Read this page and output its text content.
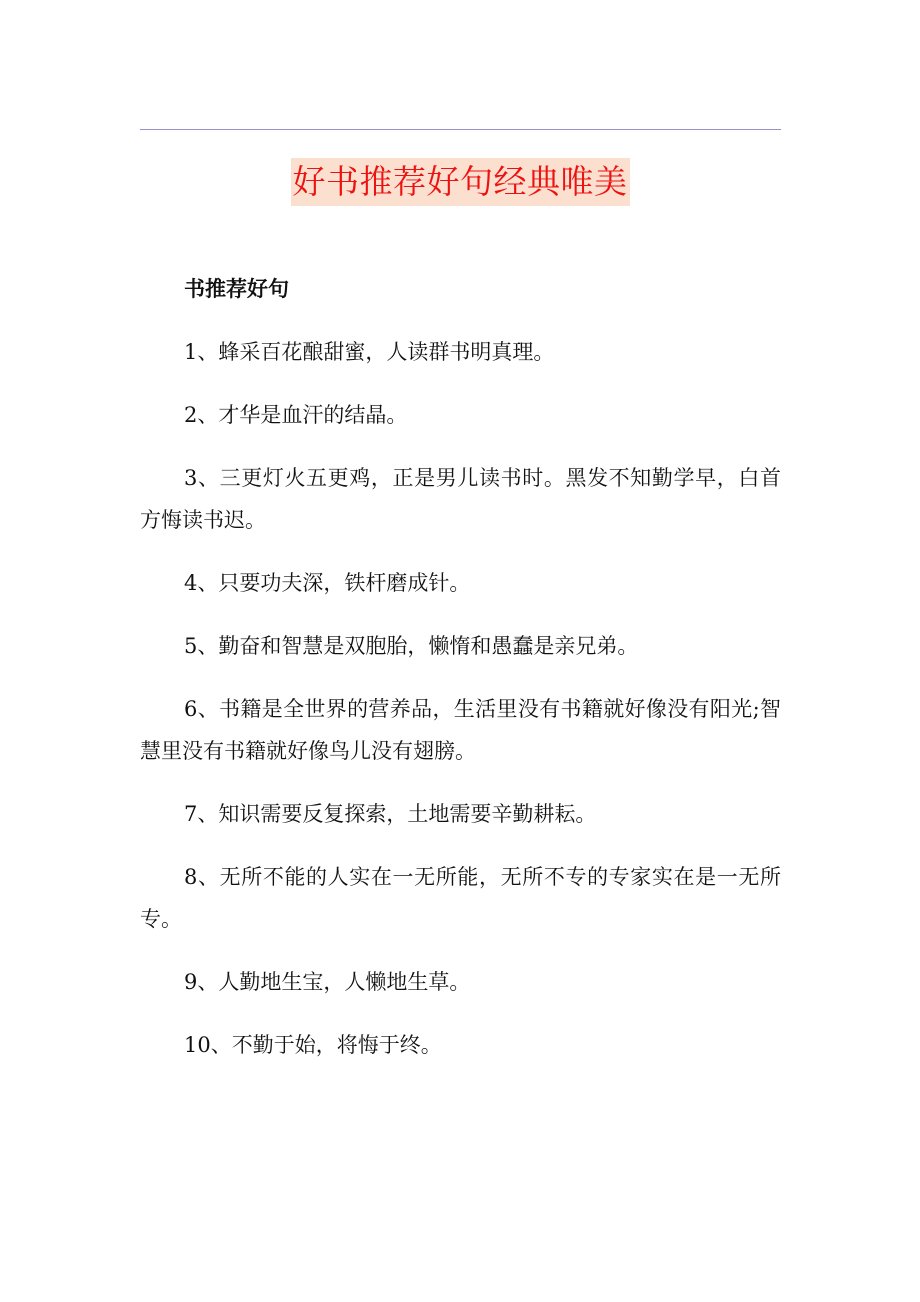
好书推荐好句经典唯美

书推荐好句

1、蜂采百花酿甜蜜，人读群书明真理。

2、才华是血汗的结晶。

3、三更灯火五更鸡，正是男儿读书时。黑发不知勤学早，白首方悔读书迟。

4、只要功夫深，铁杆磨成针。

5、勤奋和智慧是双胞胎，懒惰和愚蠢是亲兄弟。

6、书籍是全世界的营养品，生活里没有书籍就好像没有阳光;智慧里没有书籍就好像鸟儿没有翅膀。

7、知识需要反复探索，土地需要辛勤耕耘。

8、无所不能的人实在一无所能，无所不专的专家实在是一无所专。

9、人勤地生宝，人懒地生草。

10、不勤于始，将悔于终。
